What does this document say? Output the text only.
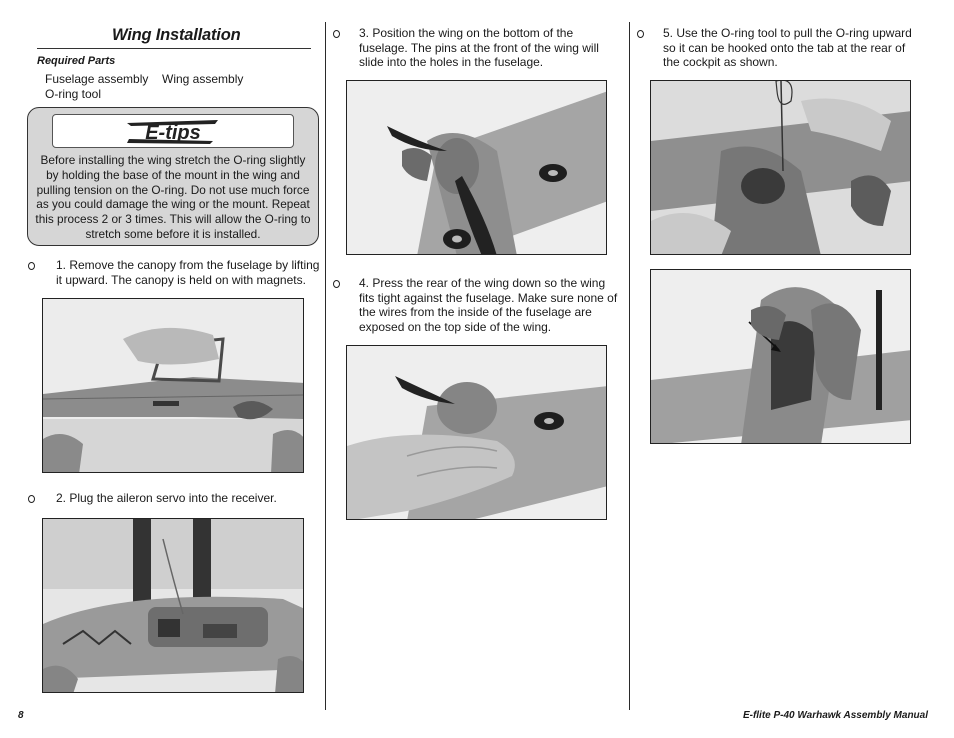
Wing Installation
Required Parts
Fuselage assembly Wing assembly
O-ring tool
E-tips
Before installing the wing stretch the O-ring slightly by holding the base of the mount in the wing and pulling tension on the O-ring. Do not use much force as you could damage the wing or the mount. Repeat this process 2 or 3 times. This will allow the O-ring to stretch some before it is installed.
1. Remove the canopy from the fuselage by lifting it upward. The canopy is held on with magnets.
2. Plug the aileron servo into the receiver.
3. Position the wing on the bottom of the fuselage. The pins at the front of the wing will slide into the holes in the fuselage.
4. Press the rear of the wing down so the wing fits tight against the fuselage. Make sure none of the wires from the inside of the fuselage are exposed on the top side of the wing.
5. Use the O-ring tool to pull the O-ring upward so it can be hooked onto the tab at the rear of the cockpit as shown.
8	E-flite P-40 Warhawk Assembly Manual
